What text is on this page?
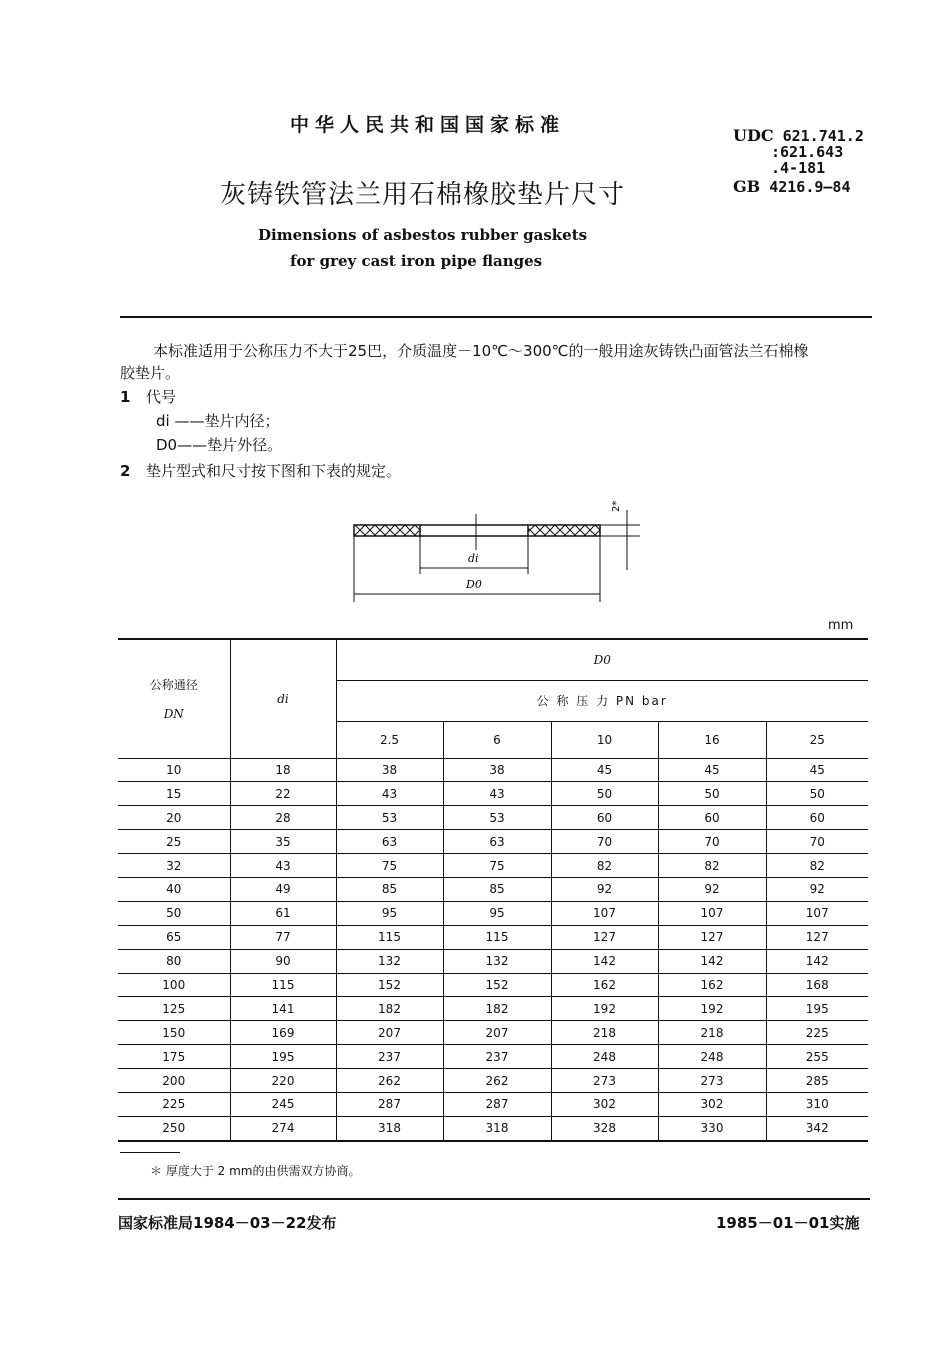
中华人民共和国国家标准
灰铸铁管法兰用石棉橡胶垫片尺寸
Dimensions of asbestos rubber gaskets
for grey cast iron pipe flanges
UDC 621.741.2
:621.643
.4-181
GB 4216.9—84
本标准适用于公称压力不大于25巴，介质温度－10℃～300℃的一般用途灰铸铁凸面管法兰石棉橡
胶垫片。
1 代号
di ——垫片内径；
D0——垫片外径。
2 垫片型式和尺寸按下图和下表的规定。
2*
di
D0
mm
公称通径
DN	di	D0				
		公 称 压 力 PN bar				
		2.5	6	10	16	25
10	18	38	38	45	45	45
15	22	43	43	50	50	50
20	28	53	53	60	60	60
25	35	63	63	70	70	70
32	43	75	75	82	82	82
40	49	85	85	92	92	92
50	61	95	95	107	107	107
65	77	115	115	127	127	127
80	90	132	132	142	142	142
100	115	152	152	162	162	168
125	141	182	182	192	192	195
150	169	207	207	218	218	225
175	195	237	237	248	248	255
200	220	262	262	273	273	285
225	245	287	287	302	302	310
250	274	318	318	328	330	342
＊ 厚度大于 2 mm的由供需双方协商。
国家标准局1984－03－22发布	1985－01－01实施
